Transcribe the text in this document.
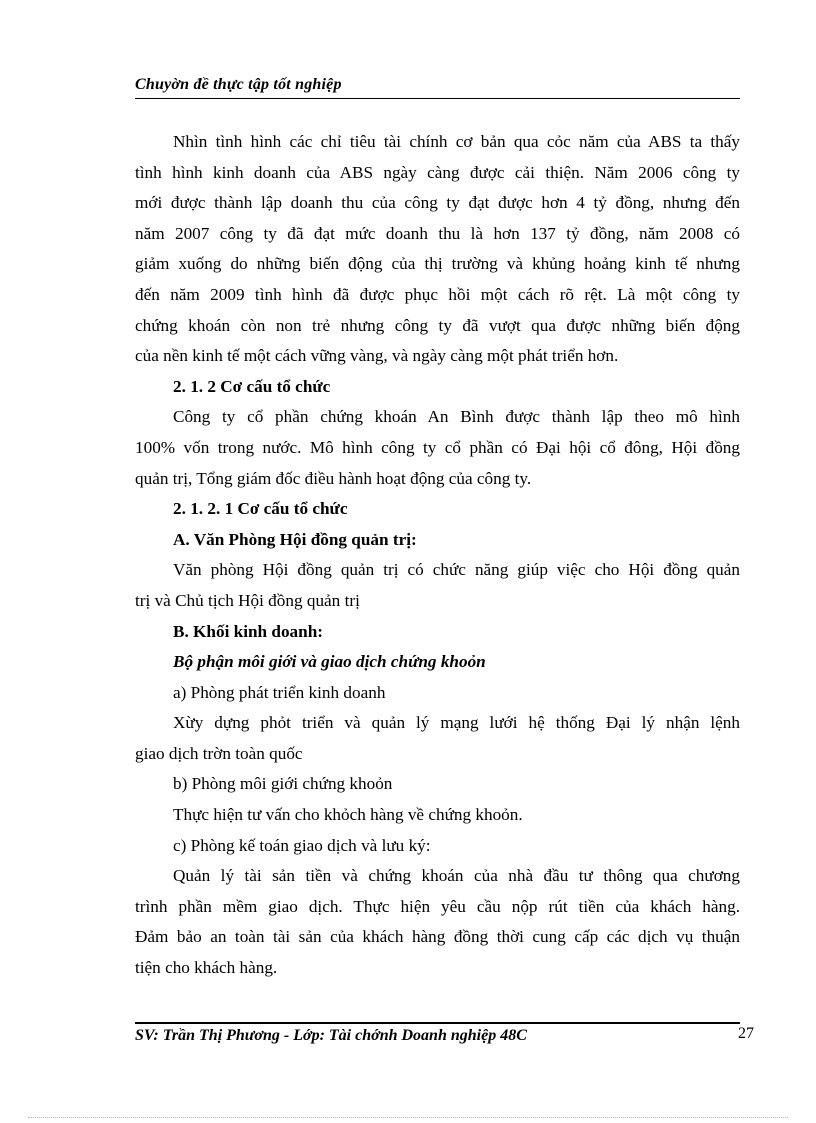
Chuyờn đề thực tập tốt nghiệp
Nhìn tình hình các chỉ tiêu tài chính cơ bản qua cỏc năm của ABS ta thấy
tình hình kinh doanh của ABS ngày càng được cải thiện. Năm 2006 công ty
mới được thành lập doanh thu của công ty đạt được hơn 4 tỷ đồng, nhưng đến
năm 2007 công ty đã đạt mức doanh thu là hơn 137 tỷ đồng, năm 2008 có
giảm xuống do những biến động của thị trường và khủng hoảng kinh tế nhưng
đến năm 2009 tình hình đã được phục hồi một cách rõ rệt. Là một công ty
chứng khoán còn non trẻ nhưng công ty đã vượt qua được những biến động
của nền kinh tế một cách vững vàng, và ngày càng một phát triển hơn.
2. 1. 2 Cơ cấu tổ chức
Công ty cổ phần chứng khoán An Bình được thành lập theo mô hình
100% vốn trong nước. Mô hình công ty cổ phần có Đại hội cổ đông, Hội đồng
quản trị, Tổng giám đốc điều hành hoạt động của công ty.
2. 1. 2. 1 Cơ cấu tổ chức
A. Văn Phòng Hội đồng quản trị:
Văn phòng Hội đồng quản trị có chức năng giúp việc cho Hội đồng quản
trị và Chủ tịch Hội đồng quản trị
B. Khối kinh doanh:
Bộ phận môi giới và giao dịch chứng khoỏn
a) Phòng phát triển kinh doanh
Xừy dựng phỏt triển và quản lý mạng lưới hệ thống Đại lý nhận lệnh
giao dịch trờn toàn quốc
b) Phòng môi giới chứng khoỏn
Thực hiện tư vấn cho khỏch hàng về chứng khoỏn.
c) Phòng kế toán giao dịch và lưu ký:
Quản lý tài sản tiền và chứng khoán của nhà đầu tư thông qua chương
trình phần mềm giao dịch. Thực hiện yêu cầu nộp rút tiền của khách hàng.
Đảm bảo an toàn tài sản của khách hàng đồng thời cung cấp các dịch vụ thuận
tiện cho khách hàng.
SV: Trần Thị Phương - Lớp: Tài chớnh Doanh nghiệp 48C	27
